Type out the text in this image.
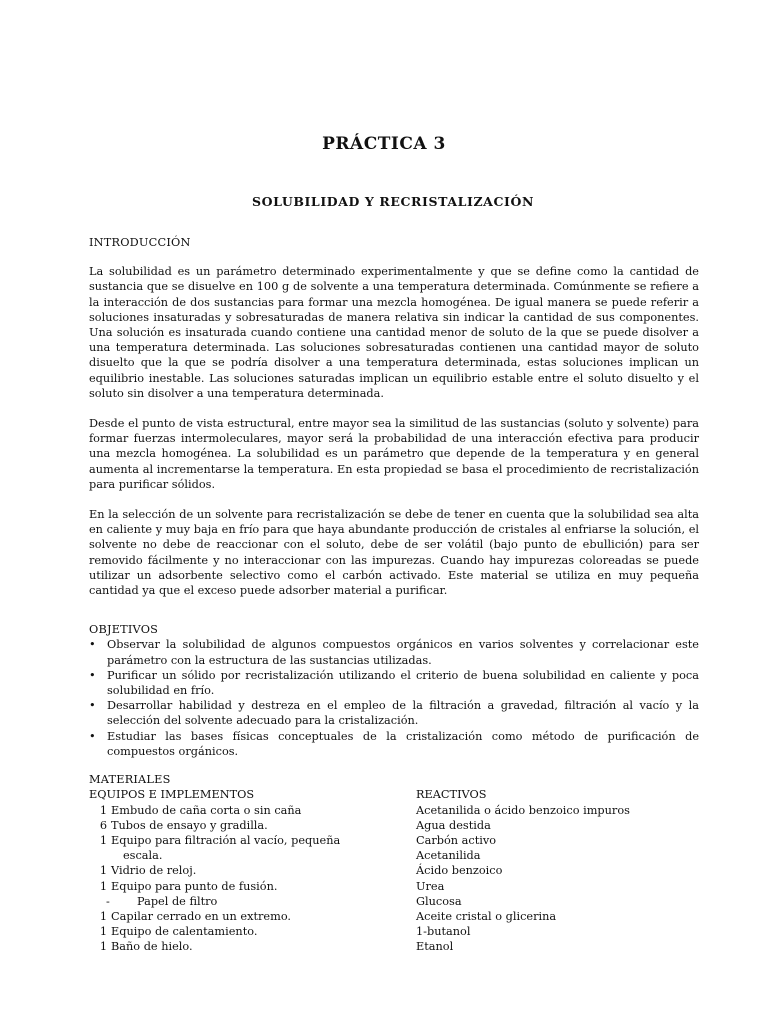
PRÁCTICA 3
SOLUBILIDAD Y RECRISTALIZACIÓN

INTRODUCCIÓN

La solubilidad es un parámetro determinado experimentalmente y que se define como la cantidad de sustancia que se disuelve en 100 g de solvente a una temperatura determinada. Comúnmente se refiere a la interacción de dos sustancias para formar una mezcla homogénea. De igual manera se puede referir a soluciones insaturadas y sobresaturadas de manera relativa sin indicar la cantidad de sus componentes. Una solución es insaturada cuando contiene una cantidad menor de soluto de la que se puede disolver a una temperatura determinada. Las soluciones sobresaturadas contienen una cantidad mayor de soluto disuelto que la que se podría disolver a una temperatura determinada, estas soluciones implican un equilibrio inestable. Las soluciones saturadas implican un equilibrio estable entre el soluto disuelto y el soluto sin disolver a una temperatura determinada.

Desde el punto de vista estructural, entre mayor sea la similitud de las sustancias (soluto y solvente) para formar fuerzas intermoleculares, mayor será la probabilidad de una interacción efectiva para producir una mezcla homogénea. La solubilidad es un parámetro que depende de la temperatura y en general aumenta al incrementarse la temperatura. En esta propiedad se basa el procedimiento de recristalización para purificar sólidos.

En la selección de un solvente para recristalización se debe de tener en cuenta que la solubilidad sea alta en caliente y muy baja en frío para que haya abundante producción de cristales al enfriarse la solución, el solvente no debe de reaccionar con el soluto, debe de ser volátil (bajo punto de ebullición) para ser removido fácilmente y no interaccionar con las impurezas. Cuando hay impurezas coloreadas se puede utilizar un adsorbente selectivo como el carbón activado. Este material se utiliza en muy pequeña cantidad ya que el exceso puede adsorber material a purificar.

OBJETIVOS

• Observar la solubilidad de algunos compuestos orgánicos en varios solventes y correlacionar este parámetro con la estructura de las sustancias utilizadas.
• Purificar un sólido por recristalización utilizando el criterio de buena solubilidad en caliente y poca solubilidad en frío.
• Desarrollar habilidad y destreza en el empleo de la filtración a gravedad, filtración al vacío y la selección del solvente adecuado para la cristalización.
• Estudiar las bases físicas conceptuales de la cristalización como método de purificación de compuestos orgánicos.

MATERIALES

EQUIPOS E IMPLEMENTOS
1 Embudo de caña corta o sin caña
6 Tubos de ensayo y gradilla.
1 Equipo para filtración al vacío, pequeña
escala.
1 Vidrio de reloj.
1 Equipo para punto de fusión.
-	Papel de filtro
1 Capilar cerrado en un extremo.
1 Equipo de calentamiento.
1 Baño de hielo.
REACTIVOS
Acetanilida o ácido benzoico impuros
Agua destida
Carbón activo
Acetanilida
Ácido benzoico
Urea
Glucosa
Aceite cristal o glicerina
1-butanol
Etanol
